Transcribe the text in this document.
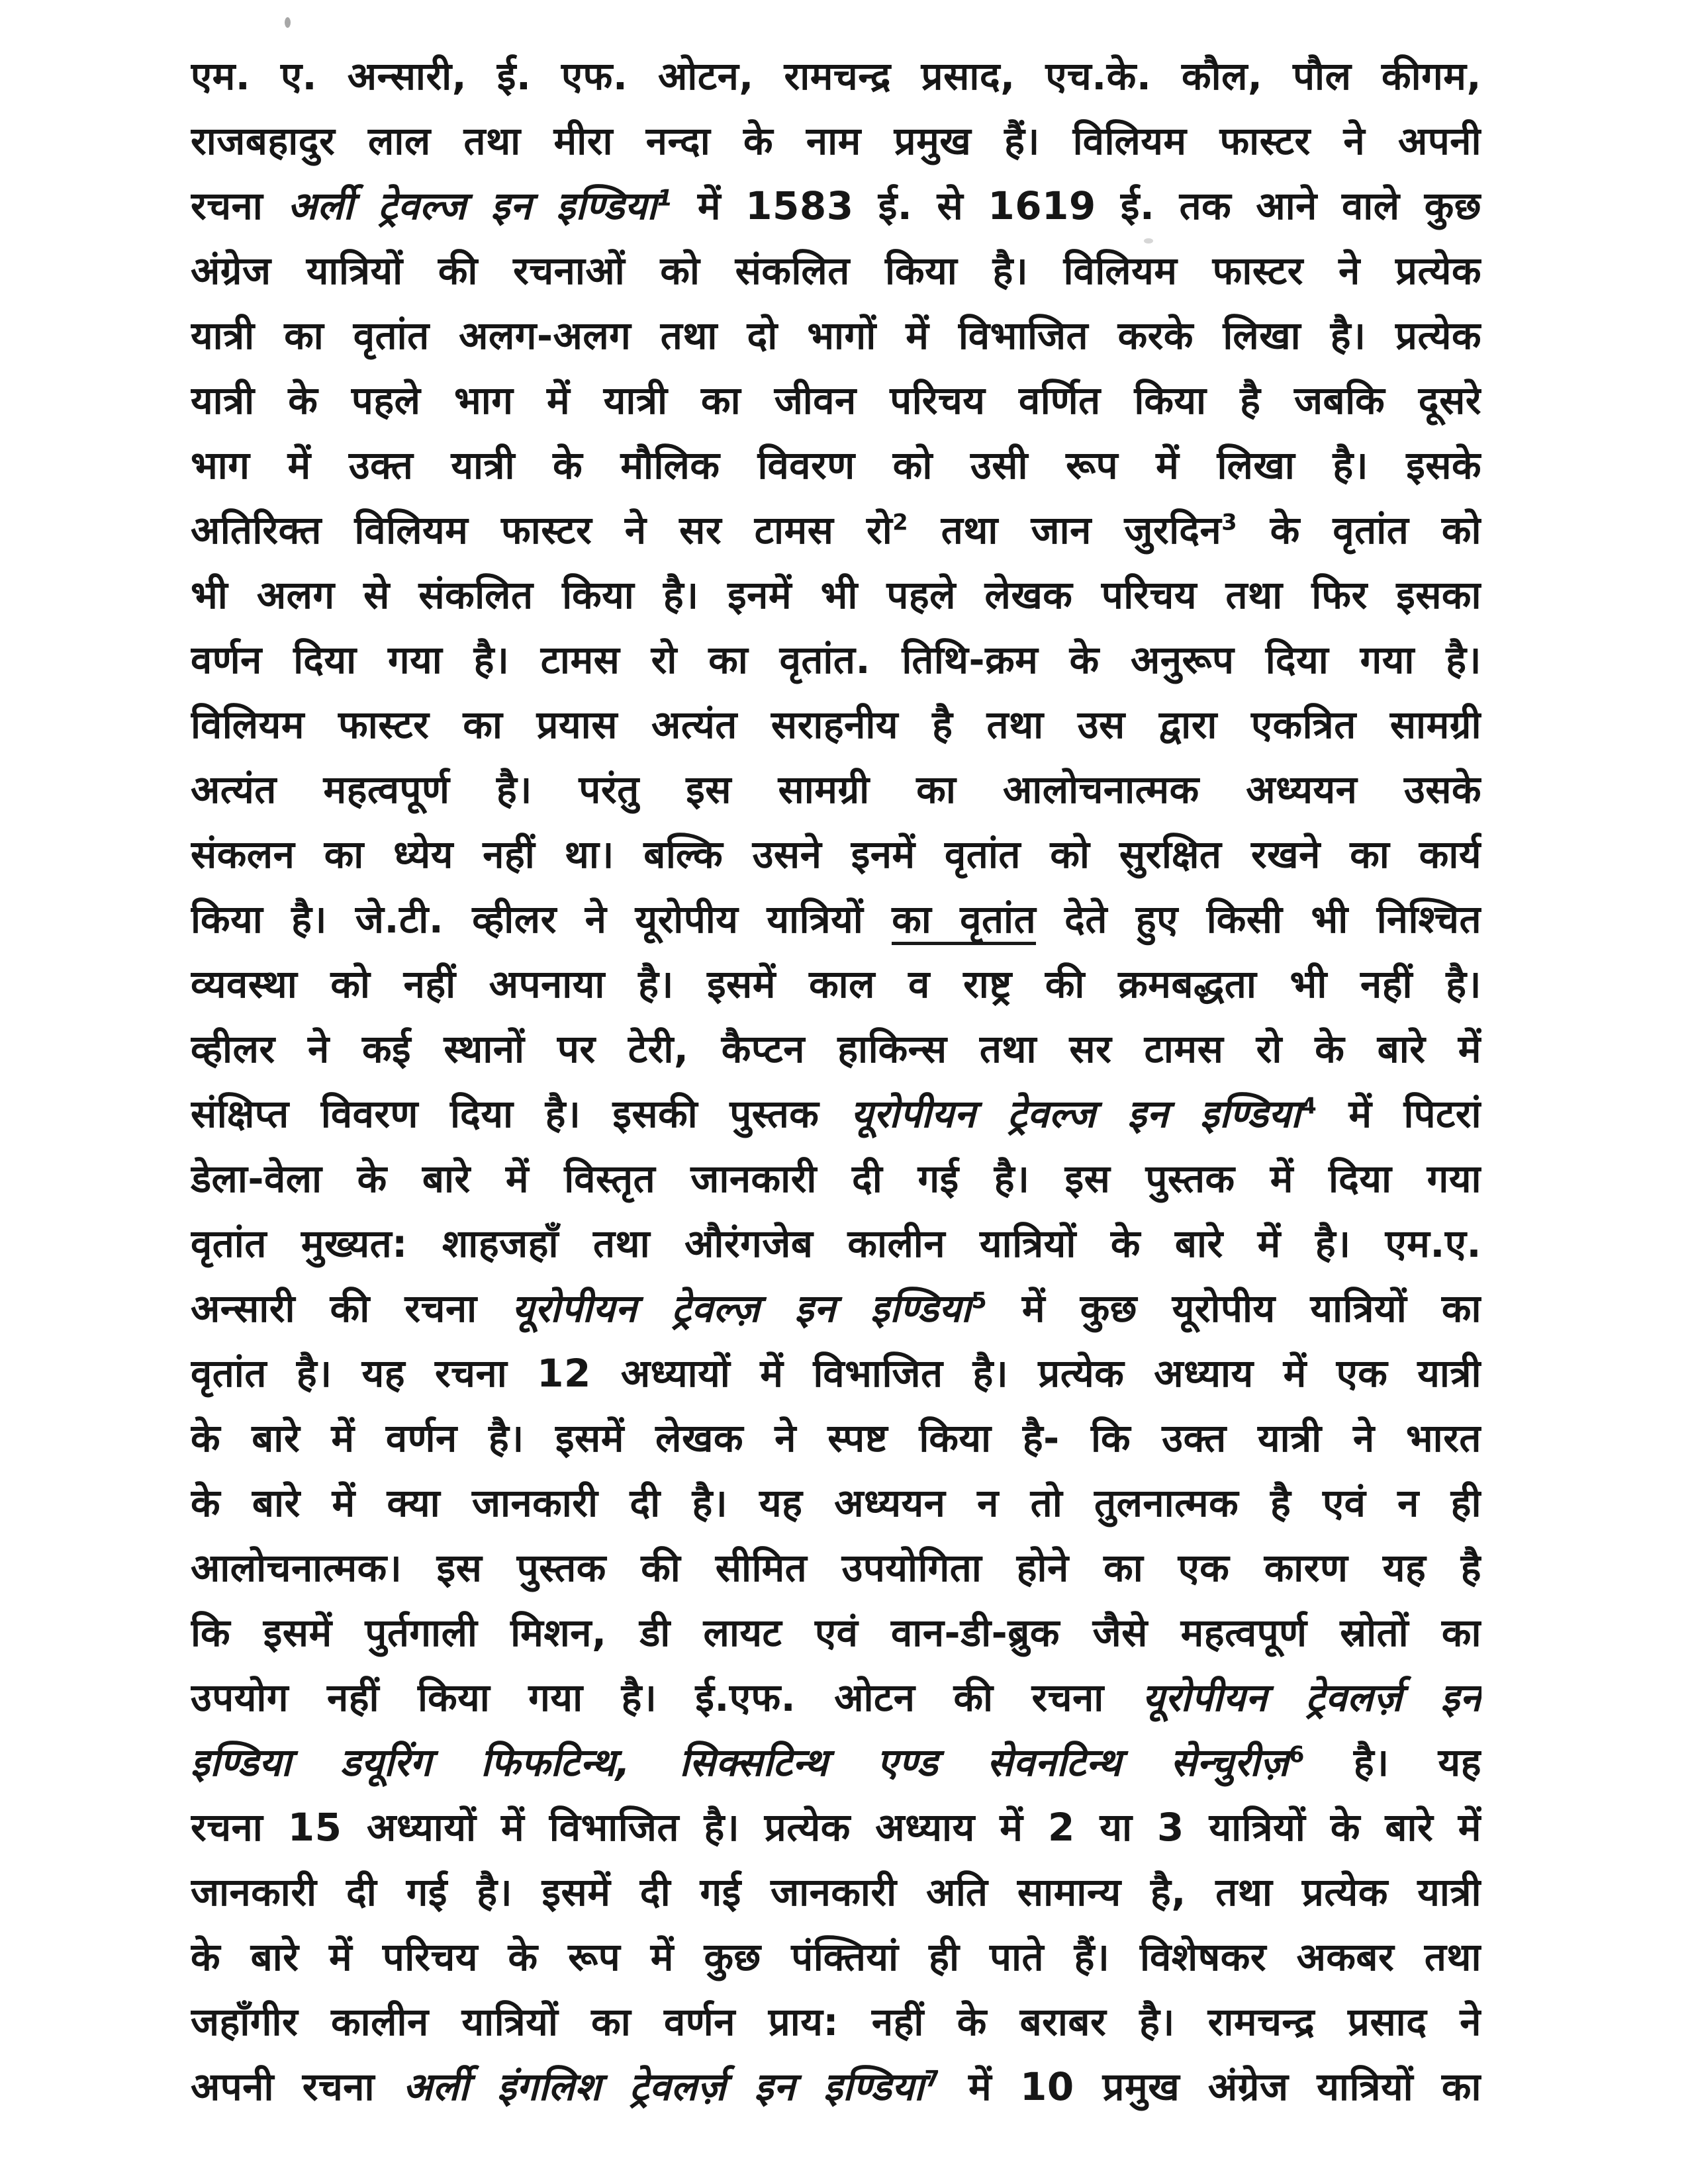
एम. ए. अन्सारी, ई. एफ. ओटन, रामचन्द्र प्रसाद, एच.के. कौल, पौल कीगम,
राजबहादुर लाल तथा मीरा नन्दा के नाम प्रमुख हैं। विलियम फास्टर ने अपनी
रचना अर्ली ट्रेवल्ज इन इण्डिया$^1$ में 1583 ई. से 1619 ई. तक आने वाले कुछ
अंग्रेज यात्रियों की रचनाओं को संकलित किया है। विलियम फास्टर ने प्रत्येक
यात्री का वृतांत अलग-अलग तथा दो भागों में विभाजित करके लिखा है। प्रत्येक
यात्री के पहले भाग में यात्री का जीवन परिचय वर्णित किया है जबकि दूसरे
भाग में उक्त यात्री के मौलिक विवरण को उसी रूप में लिखा है। इसके
अतिरिक्त विलियम फास्टर ने सर टामस रो$^2$ तथा जान जुरदिन$^3$ के वृतांत को
भी अलग से संकलित किया है। इनमें भी पहले लेखक परिचय तथा फिर इसका
वर्णन दिया गया है। टामस रो का वृतांत. तिथि-क्रम के अनुरूप दिया गया है।
विलियम फास्टर का प्रयास अत्यंत सराहनीय है तथा उस द्वारा एकत्रित सामग्री
अत्यंत महत्वपूर्ण है। परंतु इस सामग्री का आलोचनात्मक अध्ययन उसके
संकलन का ध्येय नहीं था। बल्कि उसने इनमें वृतांत को सुरक्षित रखने का कार्य
किया है। जे.टी. व्हीलर ने यूरोपीय यात्रियों का वृतांत देते हुए किसी भी निश्चित
व्यवस्था को नहीं अपनाया है। इसमें काल व राष्ट्र की क्रमबद्धता भी नहीं है।
व्हीलर ने कई स्थानों पर टेरी, कैप्टन हाकिन्स तथा सर टामस रो के बारे में
संक्षिप्त विवरण दिया है। इसकी पुस्तक यूरोपीयन ट्रेवल्ज इन इण्डिया$^4$ में पिटरां
डेला-वेला के बारे में विस्तृत जानकारी दी गई है। इस पुस्तक में दिया गया
वृतांत मुख्यत: शाहजहाँ तथा औरंगजेब कालीन यात्रियों के बारे में है। एम.ए.
अन्सारी की रचना यूरोपीयन ट्रेवल्ज़ इन इण्डिया$^5$ में कुछ यूरोपीय यात्रियों का
वृतांत है। यह रचना 12 अध्यायों में विभाजित है। प्रत्येक अध्याय में एक यात्री
के बारे में वर्णन है। इसमें लेखक ने स्पष्ट किया है- कि उक्त यात्री ने भारत
के बारे में क्या जानकारी दी है। यह अध्ययन न तो तुलनात्मक है एवं न ही
आलोचनात्मक। इस पुस्तक की सीमित उपयोगिता होने का एक कारण यह है
कि इसमें पुर्तगाली मिशन, डी लायट एवं वान-डी-ब्रुक जैसे महत्वपूर्ण स्रोतों का
उपयोग नहीं किया गया है। ई.एफ. ओटन की रचना यूरोपीयन ट्रेवलर्ज़ इन
इण्डिया डयूरिंग फिफटिन्थ, सिक्सटिन्थ एण्ड सेवनटिन्थ सेन्चुरीज़$^6$ है। यह
रचना 15 अध्यायों में विभाजित है। प्रत्येक अध्याय में 2 या 3 यात्रियों के बारे में
जानकारी दी गई है। इसमें दी गई जानकारी अति सामान्य है, तथा प्रत्येक यात्री
के बारे में परिचय के रूप में कुछ पंक्तियां ही पाते हैं। विशेषकर अकबर तथा
जहाँगीर कालीन यात्रियों का वर्णन प्राय: नहीं के बराबर है। रामचन्द्र प्रसाद ने
अपनी रचना अर्ली इंगलिश ट्रेवलर्ज़ इन इण्डिया$^7$ में 10 प्रमुख अंग्रेज यात्रियों का
